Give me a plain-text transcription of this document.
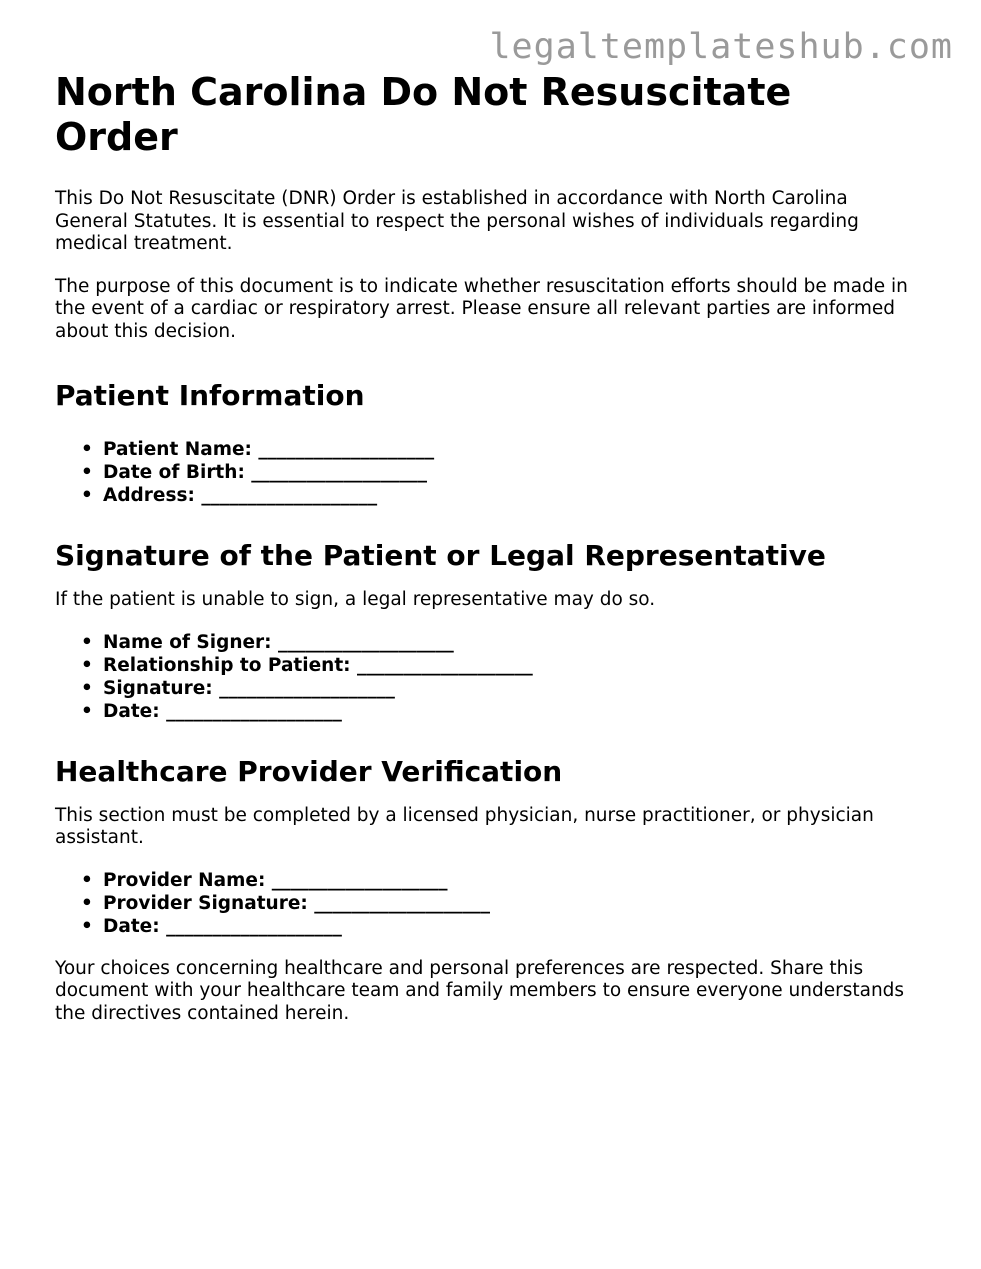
legaltemplateshub.com
North Carolina Do Not Resuscitate Order

This Do Not Resuscitate (DNR) Order is established in accordance with North Carolina General Statutes. It is essential to respect the personal wishes of individuals regarding medical treatment.

The purpose of this document is to indicate whether resuscitation efforts should be made in the event of a cardiac or respiratory arrest. Please ensure all relevant parties are informed about this decision.

Patient Information
• Patient Name: ___________________
• Date of Birth: ___________________
• Address: ___________________
Signature of the Patient or Legal Representative

If the patient is unable to sign, a legal representative may do so.

• Name of Signer: ___________________
• Relationship to Patient: ___________________
• Signature: ___________________
• Date: ___________________
Healthcare Provider Verification

This section must be completed by a licensed physician, nurse practitioner, or physician assistant.

• Provider Name: ___________________
• Provider Signature: ___________________
• Date: ___________________

Your choices concerning healthcare and personal preferences are respected. Share this document with your healthcare team and family members to ensure everyone understands the directives contained herein.
